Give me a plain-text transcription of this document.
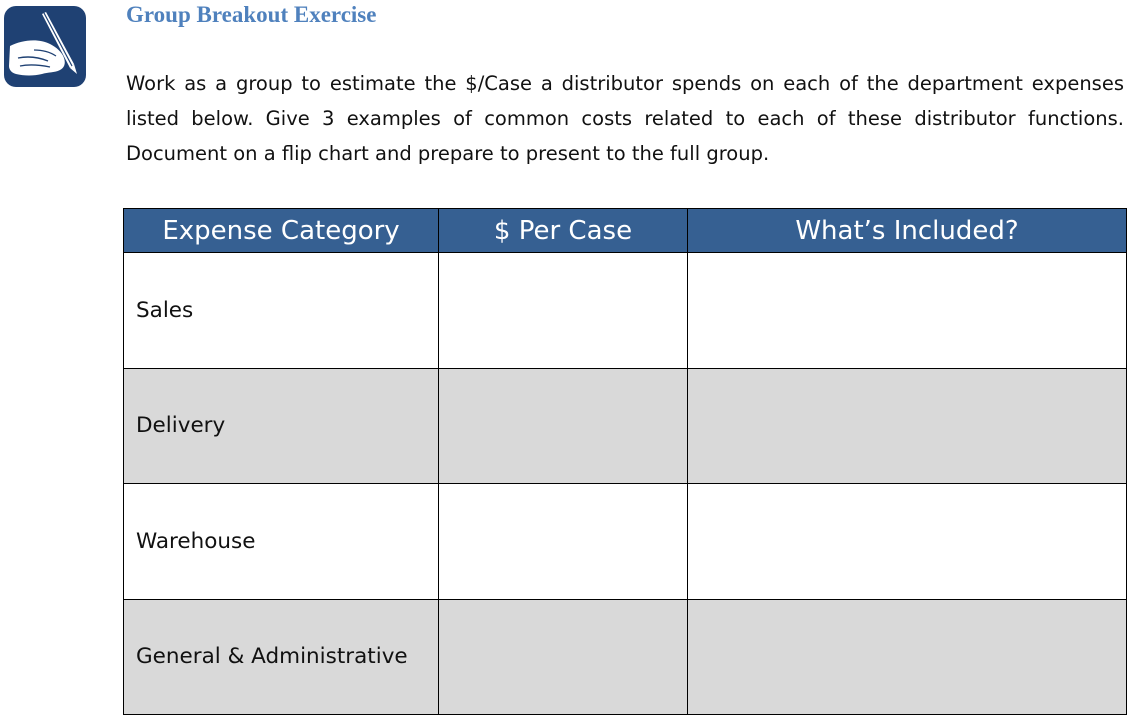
Group Breakout Exercise
Work as a group to estimate the $/Case a distributor spends on each of the department expenses listed below. Give 3 examples of common costs related to each of these distributor functions. Document on a flip chart and prepare to present to the full group.
Expense Category	$ Per Case	What’s Included?
Sales		
Delivery		
Warehouse		
General & Administrative		
